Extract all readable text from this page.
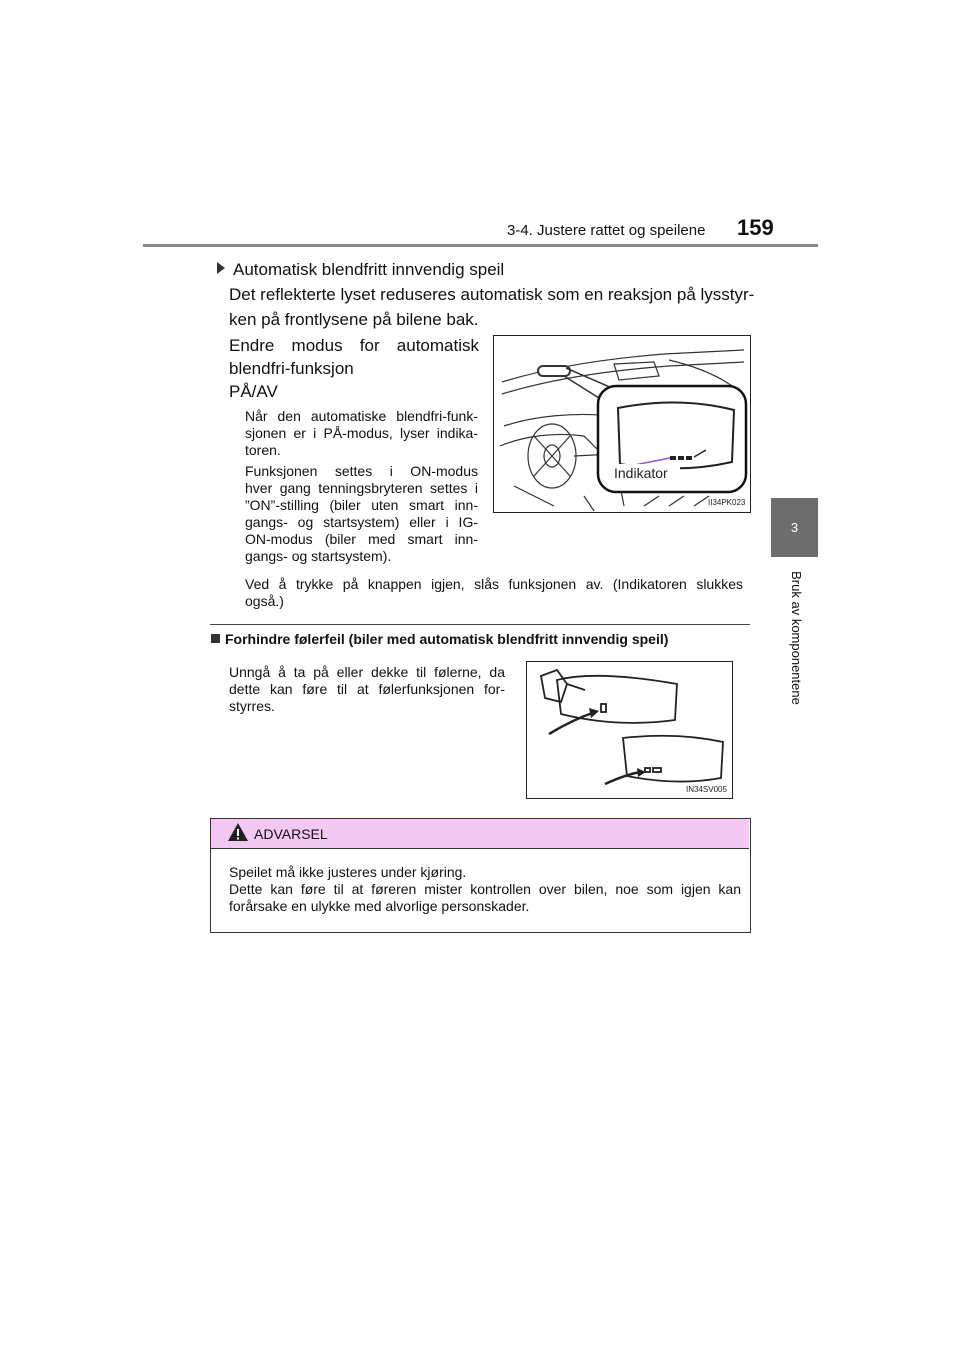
3-4. Justere rattet og speilene 159
3
Bruk av komponentene
Automatisk blendfritt innvendig speil
Det reflekterte lyset reduseres automatisk som en reaksjon på lysstyr-
ken på frontlysene på bilene bak.
Endre modus for automatisk
blendfri-funksjon
PÅ/AV
Når den automatiske blendfri-funk-
sjonen er i PÅ-modus, lyser indika-
toren.
Funksjonen settes i ON-modus
hver gang tenningsbryteren settes i
”ON”-stilling (biler uten smart inn-
gangs- og startsystem) eller i IG-
ON-modus (biler med smart inn-
gangs- og startsystem).
Ved å trykke på knappen igjen, slås funksjonen av. (Indikatoren slukkes
også.)
Indikator
II34PK023
Forhindre følerfeil (biler med automatisk blendfritt innvendig speil)
Unngå å ta på eller dekke til følerne, da
dette kan føre til at følerfunksjonen for-
styrres.
IN34SV005
ADVARSEL
Speilet må ikke justeres under kjøring.
Dette kan føre til at føreren mister kontrollen over bilen, noe som igjen kan
forårsake en ulykke med alvorlige personskader.
